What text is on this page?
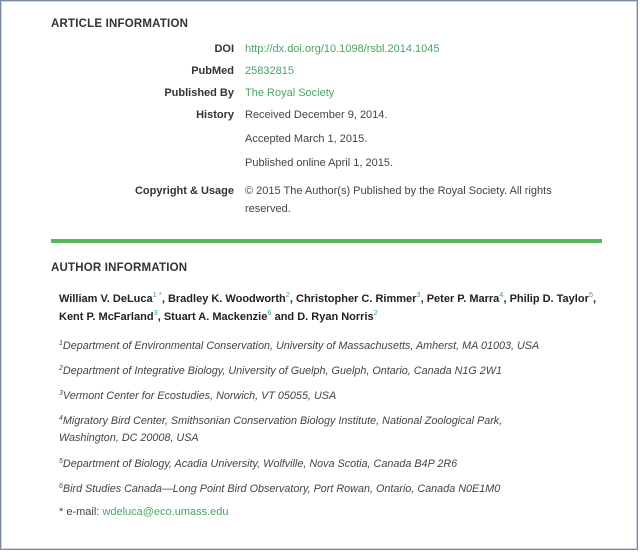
ARTICLE INFORMATION
DOI http://dx.doi.org/10.1098/rsbl.2014.1045
PubMed 25832815
Published By The Royal Society
History Received December 9, 2014.
Accepted March 1, 2015.
Published online April 1, 2015.
Copyright & Usage © 2015 The Author(s) Published by the Royal Society. All rights
reserved.
AUTHOR INFORMATION
William V. DeLuca$^{1 *}$, Bradley K. Woodworth$^2$, Christopher C. Rimmer$^3$, Peter P. Marra$^4$, Philip D. Taylor$^5$, Kent P. McFarland$^3$, Stuart A. Mackenzie$^6$ and D. Ryan Norris$^2$
$^1$Department of Environmental Conservation, University of Massachusetts, Amherst, MA 01003, USA
$^2$Department of Integrative Biology, University of Guelph, Guelph, Ontario, Canada N1G 2W1
$^3$Vermont Center for Ecostudies, Norwich, VT 05055, USA
$^4$Migratory Bird Center, Smithsonian Conservation Biology Institute, National Zoological Park, Washington, DC 20008, USA
$^5$Department of Biology, Acadia University, Wolfville, Nova Scotia, Canada B4P 2R6
$^6$Bird Studies Canada—Long Point Bird Observatory, Port Rowan, Ontario, Canada N0E1M0
* e-mail: wdeluca@eco.umass.edu
